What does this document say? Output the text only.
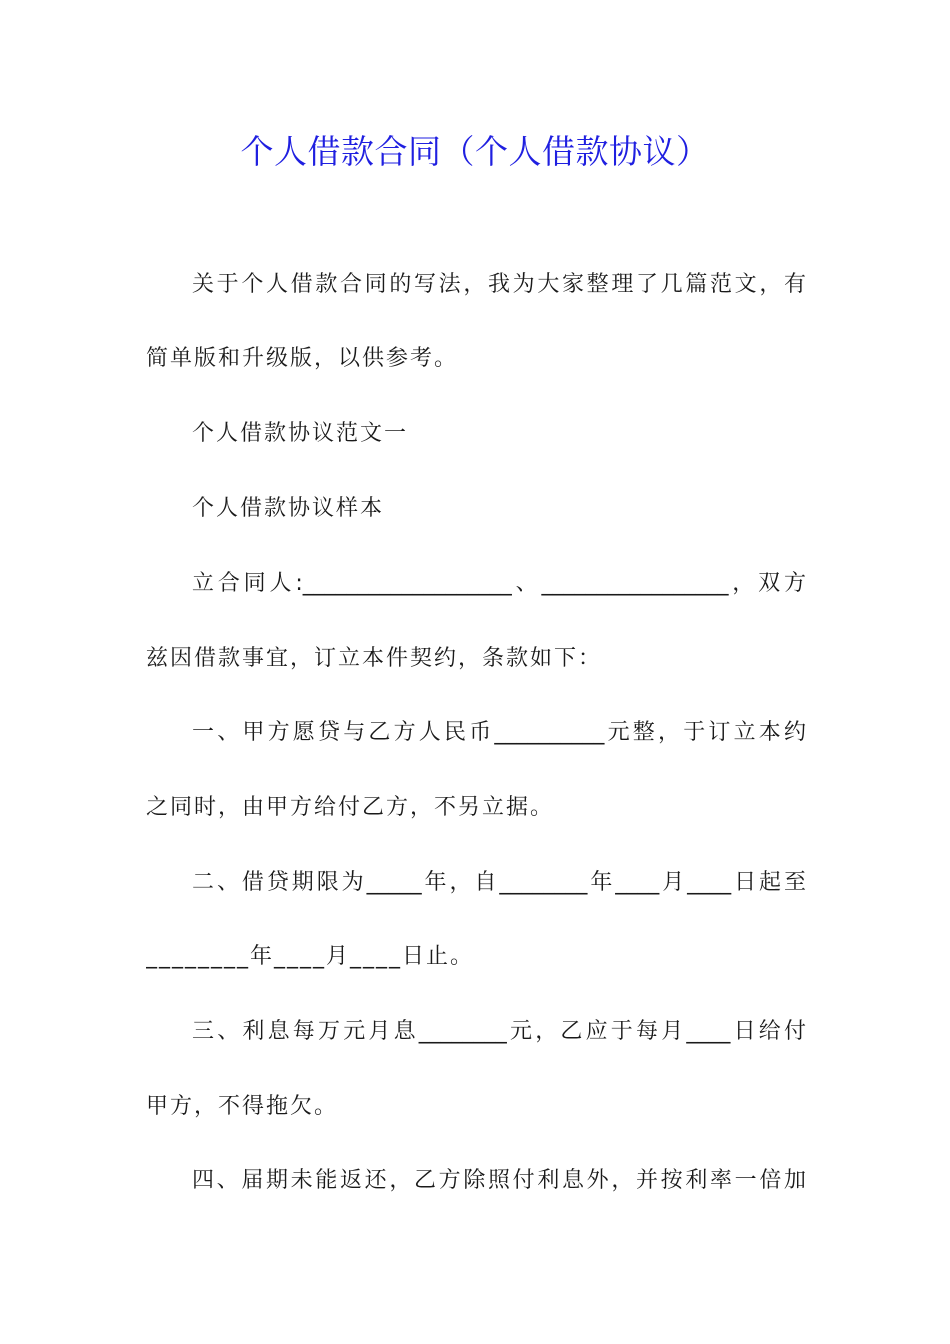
个人借款合同（个人借款协议）
关于个人借款合同的写法，我为大家整理了几篇范文，有
简单版和升级版，以供参考。
个人借款协议范文一
个人借款协议样本
立合同人:___________________、_________________，双方
兹因借款事宜，订立本件契约，条款如下：
一、甲方愿贷与乙方人民币__________元整，于订立本约
之同时，由甲方给付乙方，不另立据。
二、借贷期限为_____年，自________年____月____日起至
________年____月____日止。
三、利息每万元月息________元，乙应于每月____日给付
甲方，不得拖欠。
四、届期未能返还，乙方除照付利息外，并按利率一倍加
